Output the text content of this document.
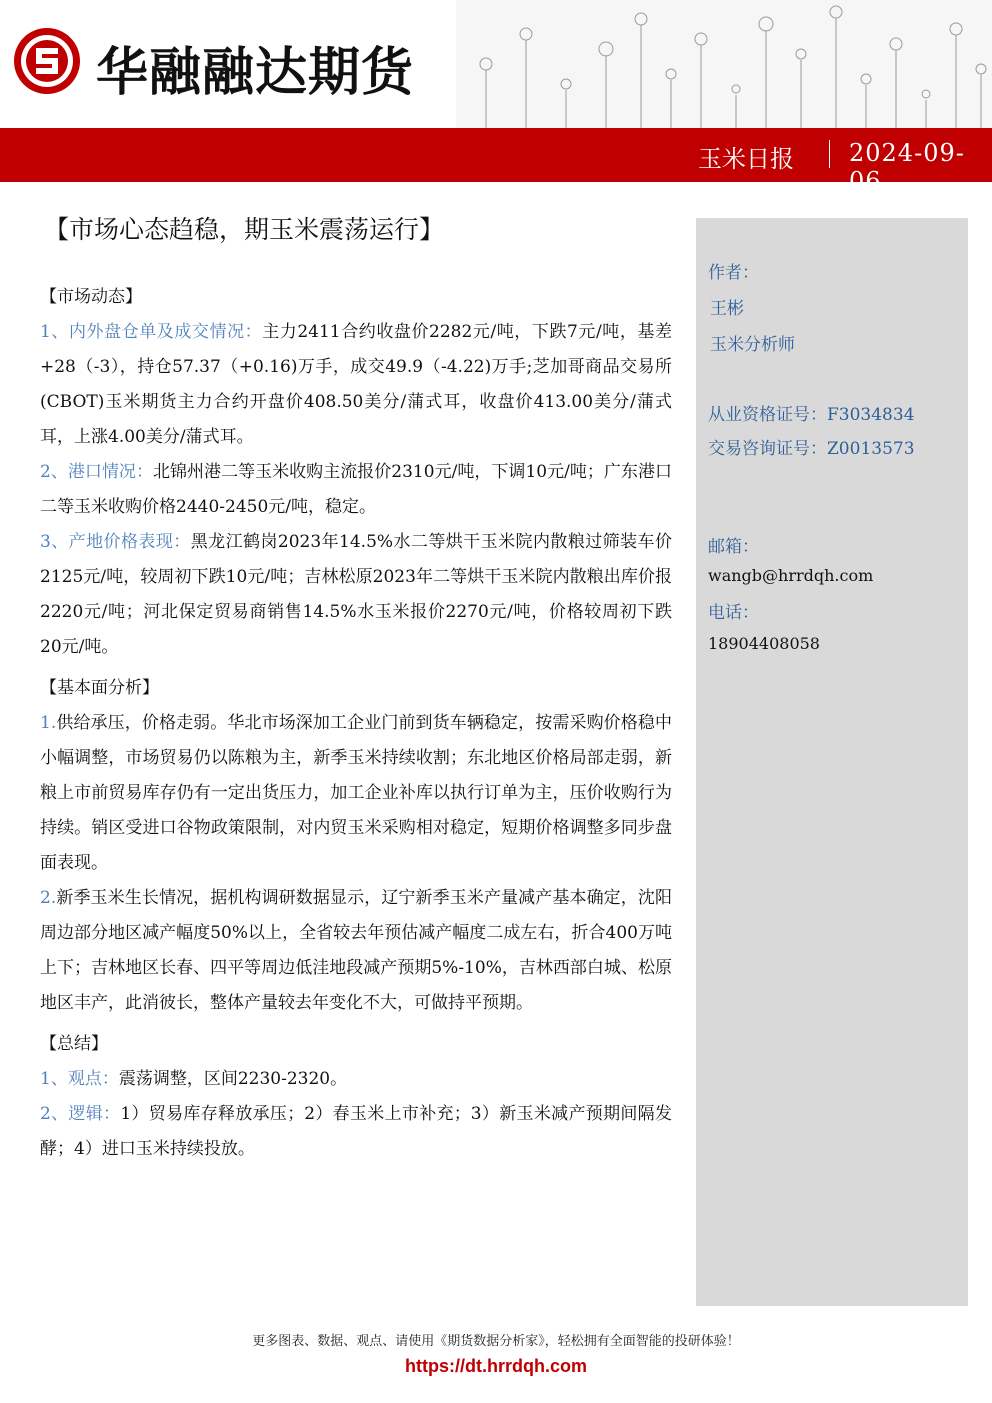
华融融达期货
玉米日报 2024-09-06
【市场心态趋稳，期玉米震荡运行】
【市场动态】
1、内外盘仓单及成交情况：主力2411合约收盘价2282元/吨，下跌7元/吨，基差+28（-3），持仓57.37（+0.16)万手，成交49.9（-4.22)万手;芝加哥商品交易所(CBOT)玉米期货主力合约开盘价408.50美分/蒲式耳，收盘价413.00美分/蒲式耳，上涨4.00美分/蒲式耳。
2、港口情况：北锦州港二等玉米收购主流报价2310元/吨，下调10元/吨；广东港口二等玉米收购价格2440-2450元/吨，稳定。
3、产地价格表现：黑龙江鹤岗2023年14.5%水二等烘干玉米院内散粮过筛装车价2125元/吨，较周初下跌10元/吨；吉林松原2023年二等烘干玉米院内散粮出库价报2220元/吨；河北保定贸易商销售14.5%水玉米报价2270元/吨，价格较周初下跌20元/吨。
【基本面分析】
1.供给承压，价格走弱。华北市场深加工企业门前到货车辆稳定，按需采购价格稳中小幅调整，市场贸易仍以陈粮为主，新季玉米持续收割；东北地区价格局部走弱，新粮上市前贸易库存仍有一定出货压力，加工企业补库以执行订单为主，压价收购行为持续。销区受进口谷物政策限制，对内贸玉米采购相对稳定，短期价格调整多同步盘面表现。
2.新季玉米生长情况，据机构调研数据显示，辽宁新季玉米产量减产基本确定，沈阳周边部分地区减产幅度50%以上，全省较去年预估减产幅度二成左右，折合400万吨上下；吉林地区长春、四平等周边低洼地段减产预期5%-10%，吉林西部白城、松原地区丰产，此消彼长，整体产量较去年变化不大，可做持平预期。
【总结】
1、观点：震荡调整，区间2230-2320。
2、逻辑：1）贸易库存释放承压；2）春玉米上市补充；3）新玉米减产预期间隔发酵；4）进口玉米持续投放。
作者：
王彬
玉米分析师
从业资格证号：F3034834
交易咨询证号：Z0013573
邮箱：
wangb@hrrdqh.com
电话：
18904408058
更多图表、数据、观点、请使用《期货数据分析家》，轻松拥有全面智能的投研体验！
https://dt.hrrdqh.com
